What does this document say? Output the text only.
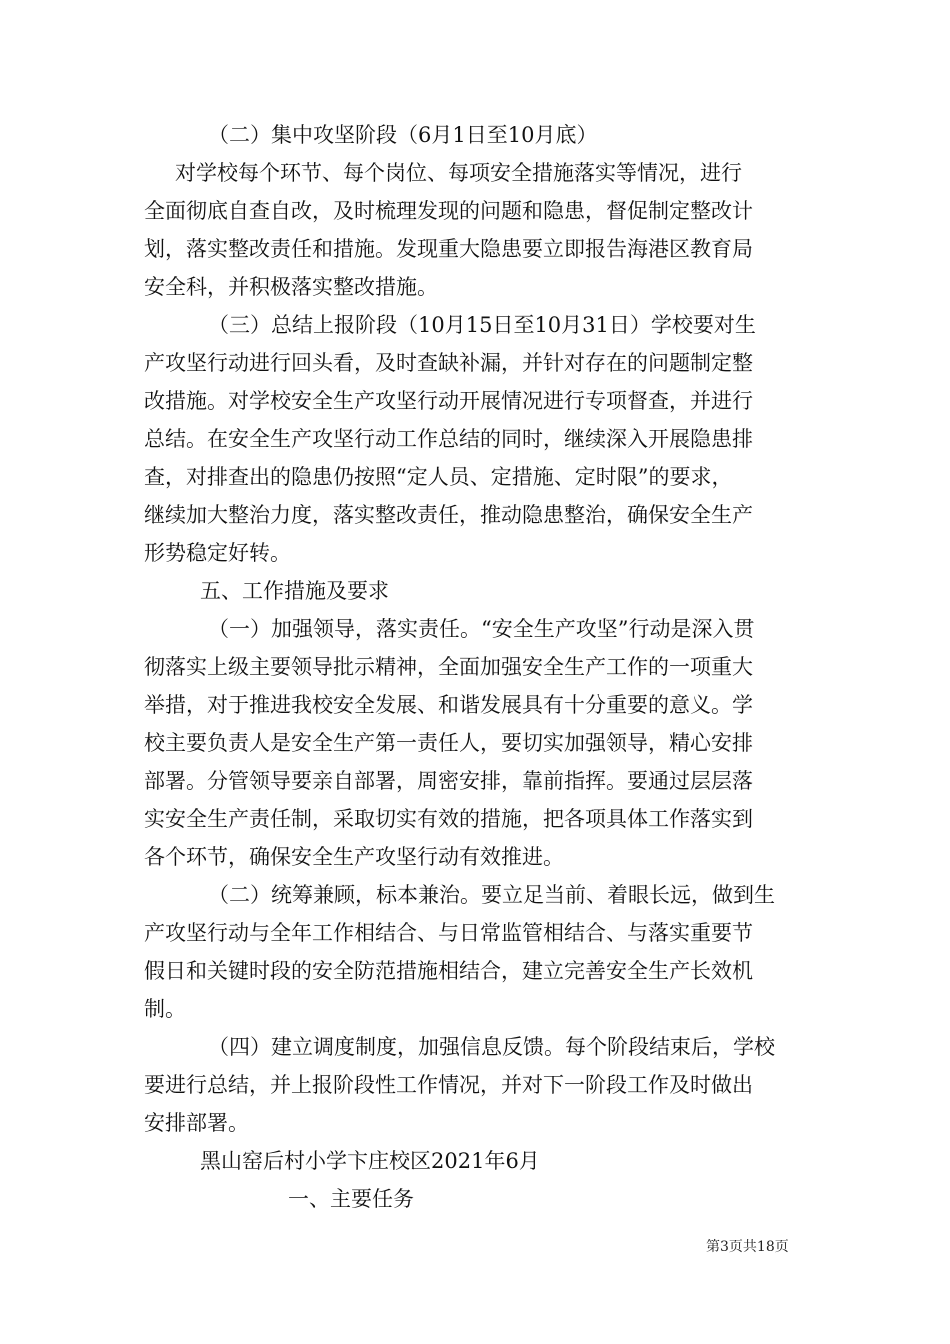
（二）集中攻坚阶段（6月1日至10月底）
对学校每个环节、每个岗位、每项安全措施落实等情况，进行
全面彻底自查自改，及时梳理发现的问题和隐患，督促制定整改计
划，落实整改责任和措施。发现重大隐患要立即报告海港区教育局
安全科，并积极落实整改措施。
（三）总结上报阶段（10月15日至10月31日）学校要对生
产攻坚行动进行回头看，及时查缺补漏，并针对存在的问题制定整
改措施。对学校安全生产攻坚行动开展情况进行专项督查，并进行
总结。在安全生产攻坚行动工作总结的同时，继续深入开展隐患排
查，对排查出的隐患仍按照“定人员、定措施、定时限”的要求，
继续加大整治力度，落实整改责任，推动隐患整治，确保安全生产
形势稳定好转。
五、工作措施及要求
（一）加强领导，落实责任。“安全生产攻坚”行动是深入贯
彻落实上级主要领导批示精神，全面加强安全生产工作的一项重大
举措，对于推进我校安全发展、和谐发展具有十分重要的意义。学
校主要负责人是安全生产第一责任人，要切实加强领导，精心安排
部署。分管领导要亲自部署，周密安排，靠前指挥。要通过层层落
实安全生产责任制，采取切实有效的措施，把各项具体工作落实到
各个环节，确保安全生产攻坚行动有效推进。
（二）统筹兼顾，标本兼治。要立足当前、着眼长远，做到生
产攻坚行动与全年工作相结合、与日常监管相结合、与落实重要节
假日和关键时段的安全防范措施相结合，建立完善安全生产长效机
制。
（四）建立调度制度，加强信息反馈。每个阶段结束后，学校
要进行总结，并上报阶段性工作情况，并对下一阶段工作及时做出
安排部署。
黑山窑后村小学卞庄校区2021年6月
一、主要任务
第3页共18页
